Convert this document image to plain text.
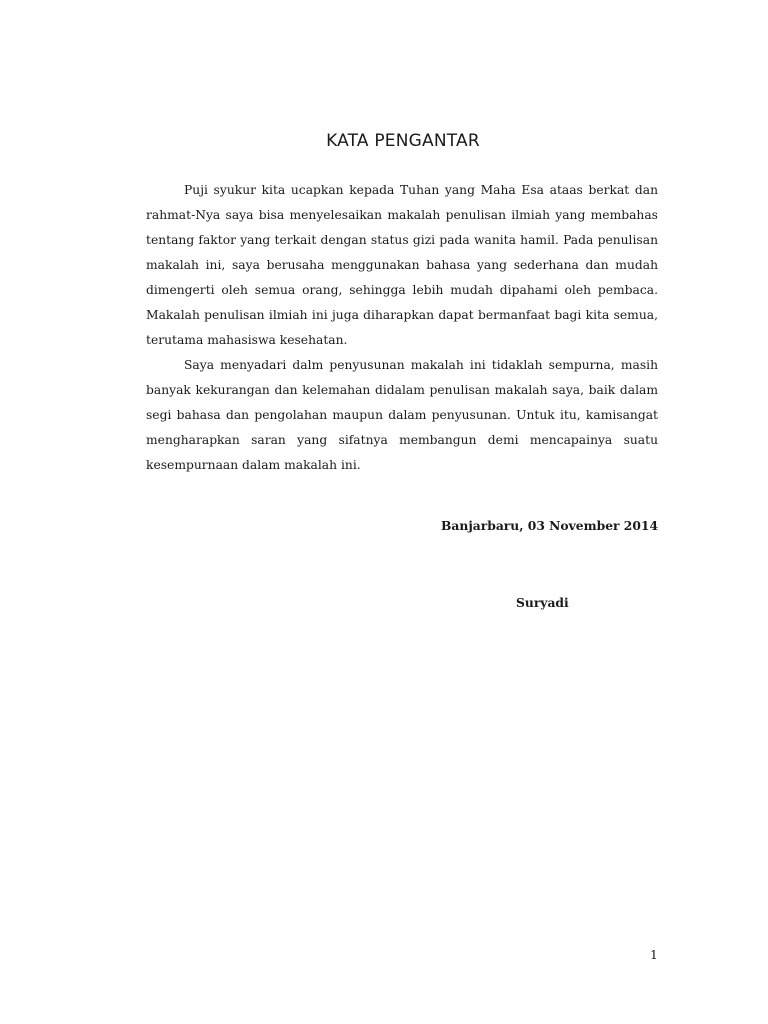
KATA PENGANTAR

Puji syukur kita ucapkan kepada Tuhan yang Maha Esa ataas berkat dan rahmat-Nya saya bisa menyelesaikan makalah penulisan ilmiah yang membahas tentang faktor yang terkait dengan status gizi pada wanita hamil. Pada penulisan makalah ini, saya berusaha menggunakan bahasa yang sederhana dan mudah dimengerti oleh semua orang, sehingga lebih mudah dipahami oleh pembaca. Makalah penulisan ilmiah ini juga diharapkan dapat bermanfaat bagi kita semua, terutama mahasiswa kesehatan.

Saya menyadari dalm penyusunan makalah ini tidaklah sempurna, masih banyak kekurangan dan kelemahan didalam penulisan makalah saya, baik dalam segi bahasa dan pengolahan maupun dalam penyusunan. Untuk itu, kamisangat mengharapkan saran yang sifatnya membangun demi mencapainya suatu kesempurnaan dalam makalah ini.

Banjarbaru, 03 November 2014
Suryadi
1
